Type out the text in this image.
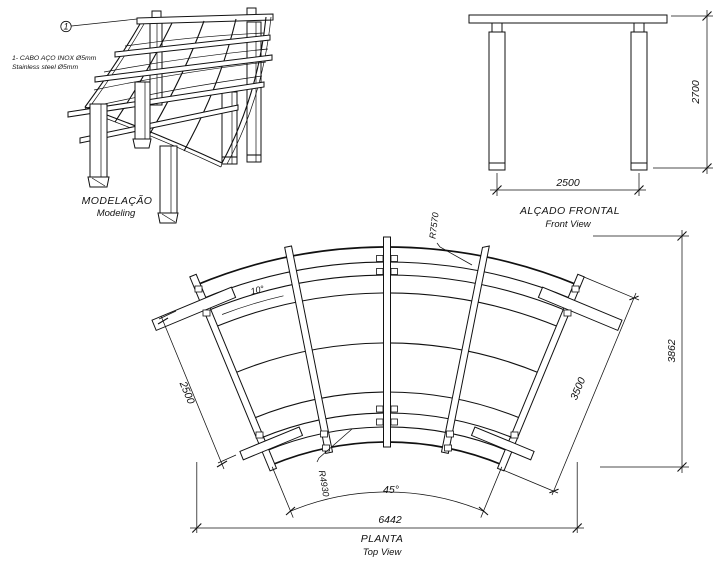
1
1- CABO AÇO INOX Ø5mm
Stainless steel Ø5mm
MODELAÇÃO
Modeling
2500
2700
ALÇADO FRONTAL
Front View
R7570
R4930
10°
2500	3500
45°
6442
3862
PLANTA
Top View
